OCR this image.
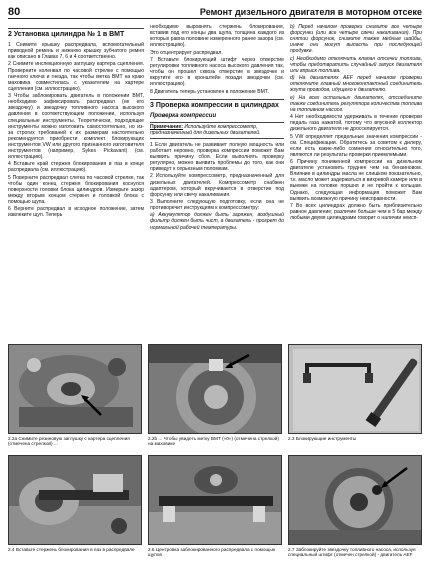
80	Ремонт дизельного двигателя в моторном отсеке
2 Установка цилиндра № 1 в ВМТ

1 Снимите крышку распредвала, вспомогательный приводной ремень и нижнюю крышку зубчатого ремня как описано в Главах 7, 6 и 4 соответственно.

2 Снимите инспекционную заглушку картера сцепления. Проверните коленвал по часовой стрелке с помощью гаечного ключа и гнезда, так чтобы метка ВМТ на краю маховика совместилась с указателем на картере сцепления (см. иллюстрацию).

3 Чтобы заблокировать двигатель в положении ВМТ, необходимо зафиксировать распредвал (не его звездочку) и звездочку топливного насоса высокого давления в соответствующем положении, используя специальные инструменты. Теоретически, подходящие инструменты можно изготовить самостоятельно, но из-за строгих требований к их размерам настоятельно рекомендуется приобрести комплект блокирующих инструментов VW или другого признанного изготовителя инструментов (например, Sykes Pickavant) (см. иллюстрацию).

4 Вставьте край стержня блокирования в паз в конце распредвала (см. иллюстрацию).

5 Поверните распредвал слегка по часовой стрелке, так чтобы один конец стержня блокирования коснулся поверхности головки блока цилиндров. Измерьте зазор между вторым концом стержня и головкой блока с помощью щупа.

6 Верните распредвал в исходное положение, затем извлеките щуп. Теперь

необходимо выровнять стержень блокирования, вставив под его концы два щупа, толщина каждого из которых равна половине измеренного ранее зазора (см. иллюстрацию).

Это отцентрирует распредвал.

7 Вставьте блокирующий штифт через отверстие регулировки топливного насоса высокого давления так, чтобы он прошел сквозь отверстие в звездочке и вкрутите его в кронштейн позади звездочки (см. иллюстрацию).

8 Двигатель теперь установлен в положение ВМТ.

3 Проверка компрессии в цилиндрах
Проверка компрессии
Примечание: Используйте компрессометр, предназначенный для дизельных двигателей.

1 Если двигатель не развивает полную мощность или работает неровно, проверка компрессии поможет Вам выявить причину сбоя. Если выполнять проверку регулярно, можно выявить проблемы до того, как они приведут к серьезным поломкам.

2 Используйте компрессометр, предназначенный для дизельных двигателей. Компрессометр снабжен адаптером, который вкручивается в отверстие под форсунку или свечу накаливания.

3 Выполните следующую подготовку, если она не противоречит инструкциям к компрессометру:

a) Аккумулятор должен быть заряжен, воздушный фильтр должен быть чист, а двигатель - прогрет до нормальной рабочей температуры.

b) Перед началом проверки снимите все четыре форсунки (или все четыре свечи накаливания). При снятии форсунок, снимите также медные шайбы, иначе они могут выпасть при последующей продувке.

c) Необходимо отключить клапан отсечки топлива, чтобы предотвратить случайный запуск двигателя или впрыск топлива.

d) На двигателях AEF перед началом проверки отключите главный многоконтактный соединитель жгута проводов, идущего к двигателю.

e) На всех остальных двигателях, отсоедините также соединитель регулятора количества топлива на топливном насосе.

4 Нет необходимости удерживать в течение проверки педаль газа нажатой, потому что впускной коллектор дизельного двигателя не дросселируется.

5 VW определяет предельные значения компрессии - см. Спецификации. Обратитесь за советом к дилеру, если есть какие-либо сомнения относительно того, являются ли результаты проверки приемлемыми.

6 Причину пониженной компрессии на дизельном двигателе установить труднее чем на бензиновом. Влияние в цилиндры масла не слишком показательно, т.к. масло может задержаться в вихревой камере или в выемке на головке поршня и не пройти к кольцам. Однако, следующая информация поможет Вам выявить возможную причину неисправности.

7 Во всех цилиндрах должно быть приблизительно равное давление; различие больше чем в 5 бар между любыми двумя цилиндрами говорит о наличии неисп-

2.2а Снимите резиновую заглушку с картера сцепления (отмечена стрелкой) ...
2.2b ... Чтобы увидеть метку ВМТ («0») (отмечена стрелкой) на маховике
2.3 Блокирующие инструменты
2.4 Вставьте стержень блокирования в паз в распредвале	2.6 Центровка заблокированного распредвала с помощью щупов
2.7 Заблокируйте звездочку топливного насоса, используя специальный штифт (отмечен стрелкой) - двигатель AEF
